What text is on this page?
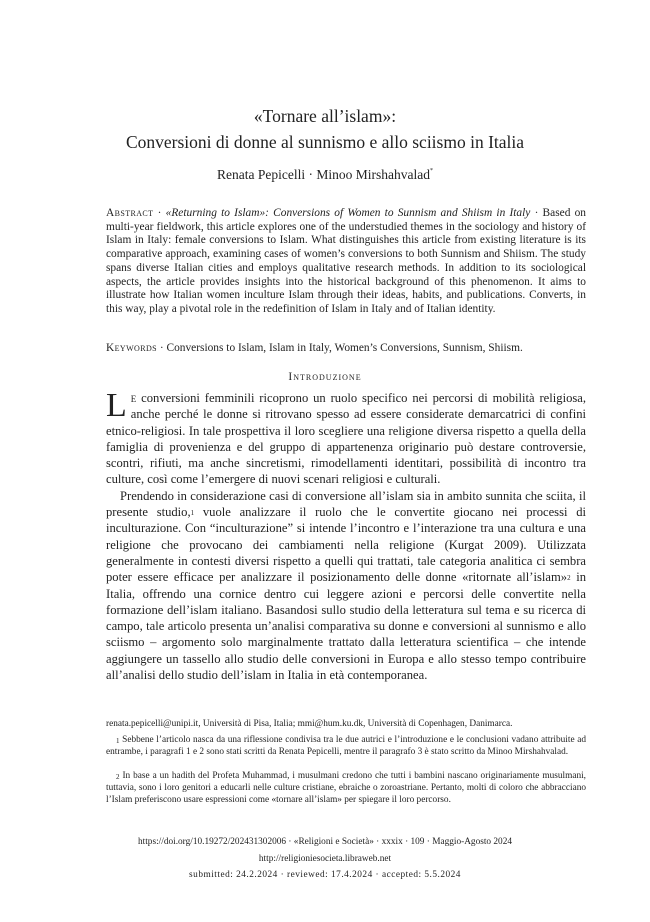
«Tornare all’islam»:
Conversioni di donne al sunnismo e allo sciismo in Italia
Renata Pepicelli · Minoo Mirshahvalad*
Abstract · «Returning to Islam»: Conversions of Women to Sunnism and Shiism in Italy · Based on multi-year fieldwork, this article explores one of the understudied themes in the sociology and history of Islam in Italy: female conversions to Islam. What distinguishes this article from existing literature is its comparative approach, examining cases of women’s conversions to both Sunnism and Shiism. The study spans diverse Italian cities and employs qualitative research methods. In addition to its sociological aspects, the article provides insights into the historical background of this phenomenon. It aims to illustrate how Italian women inculture Islam through their ideas, habits, and publications. Converts, in this way, play a pivotal role in the redefinition of Islam in Italy and of Italian identity.
Keywords · Conversions to Islam, Islam in Italy, Women’s Conversions, Sunnism, Shiism.
Introduzione

Le conversioni femminili ricoprono un ruolo specifico nei percorsi di mobilità religiosa, anche perché le donne si ritrovano spesso ad essere considerate demarcatrici di confini etnico-religiosi. In tale prospettiva il loro scegliere una religione diversa rispetto a quella della famiglia di provenienza e del gruppo di appartenenza originario può destare controversie, scontri, rifiuti, ma anche sincretismi, rimodellamenti identitari, possibilità di incontro tra culture, così come l’emergere di nuovi scenari religiosi e culturali.

Prendendo in considerazione casi di conversione all’islam sia in ambito sunnita che sciita, il presente studio,$^1$ vuole analizzare il ruolo che le convertite giocano nei processi di inculturazione. Con “inculturazione” si intende l’incontro e l’interazione tra una cultura e una religione che provocano dei cambiamenti nella religione (Kurgat 2009). Utilizzata generalmente in contesti diversi rispetto a quelli qui trattati, tale categoria analitica ci sembra poter essere efficace per analizzare il posizionamento delle donne «ritornate all’islam»$^2$ in Italia, offrendo una cornice dentro cui leggere azioni e percorsi delle convertite nella formazione dell’islam italiano. Basandosi sullo studio della letteratura sul tema e su ricerca di campo, tale articolo presenta un’analisi comparativa su donne e conversioni al sunnismo e allo sciismo – argomento solo marginalmente trattato dalla letteratura scientifica – che intende aggiungere un tassello allo studio delle conversioni in Europa e allo stesso tempo contribuire all’analisi dello studio dell’islam in Italia in età contemporanea.

renata.pepicelli@unipi.it, Università di Pisa, Italia; mmi@hum.ku.dk, Università di Copenhagen, Danimarca.
$^1$ Sebbene l’articolo nasca da una riflessione condivisa tra le due autrici e l’introduzione e le conclusioni vadano attribuite ad entrambe, i paragrafi 1 e 2 sono stati scritti da Renata Pepicelli, mentre il paragrafo 3 è stato scritto da Minoo Mirshahvalad.
$^2$ In base a un hadith del Profeta Muhammad, i musulmani credono che tutti i bambini nascano originariamente musulmani, tuttavia, sono i loro genitori a educarli nelle culture cristiane, ebraiche o zoroastriane. Pertanto, molti di coloro che abbracciano l’Islam preferiscono usare espressioni come «tornare all’islam» per spiegare il loro percorso.
https://doi.org/10.19272/202431302006 · «Religioni e Società» · xxxix · 109 · Maggio-Agosto 2024
http://religioniesocieta.libraweb.net
submitted: 24.2.2024 · reviewed: 17.4.2024 · accepted: 5.5.2024
